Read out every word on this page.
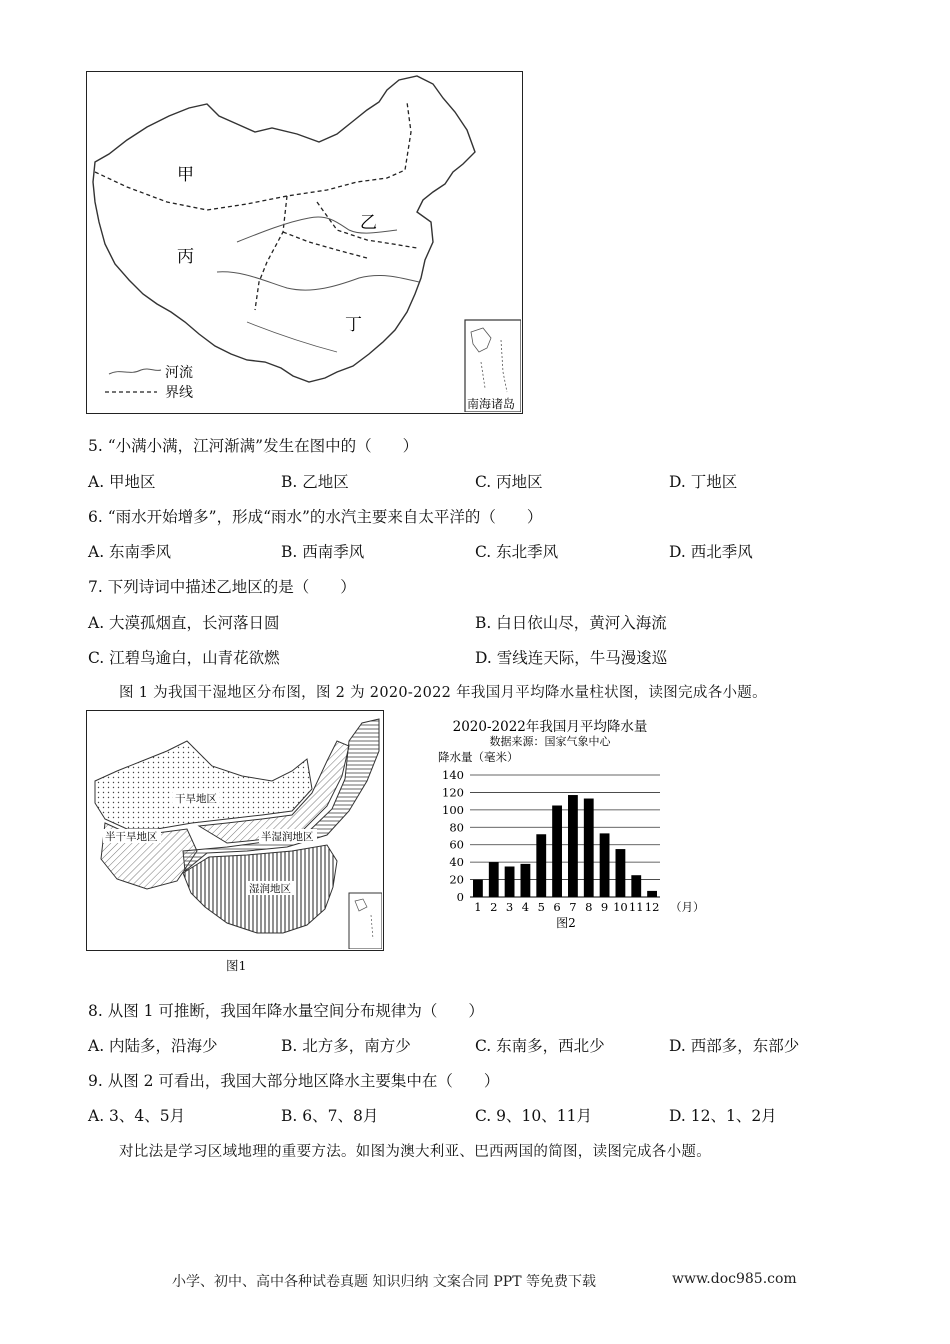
甲
乙
丙
丁
河流
界线
南海诸岛
5. “小满小满，江河渐满”发生在图中的（　　）
A. 甲地区	B. 乙地区	C. 丙地区	D. 丁地区
6. “雨水开始增多”，形成“雨水”的水汽主要来自太平洋的（　　）
A. 东南季风	B. 西南季风	C. 东北季风	D. 西北季风
7. 下列诗词中描述乙地区的是（　　）
A. 大漠孤烟直，长河落日圆	B. 白日依山尽，黄河入海流
C. 江碧鸟逾白，山青花欲燃	D. 雪线连天际，牛马漫逡巡
图 1 为我国干湿地区分布图，图 2 为 2020-2022 年我国月平均降水量柱状图，读图完成各小题。
干旱地区
半干旱地区	半湿润地区
湿润地区
图1
2020-2022年我国月平均降水量
数据来源：国家气象中心
降水量（毫米）
1 2 3 4 5 6 7 8 9 10 11 12
0
20
40
60
80
100
120
140
（月）
图2
8. 从图 1 可推断，我国年降水量空间分布规律为（　　）
A. 内陆多，沿海少	B. 北方多，南方少	C. 东南多，西北少	D. 西部多，东部少
9. 从图 2 可看出，我国大部分地区降水主要集中在（　　）
A. 3、4、5月	B. 6、7、8月	C. 9、10、11月	D. 12、1、2月
对比法是学习区域地理的重要方法。如图为澳大利亚、巴西两国的简图，读图完成各小题。
小学、初中、高中各种试卷真题 知识归纳 文案合同 PPT 等免费下载	www.doc985.com
